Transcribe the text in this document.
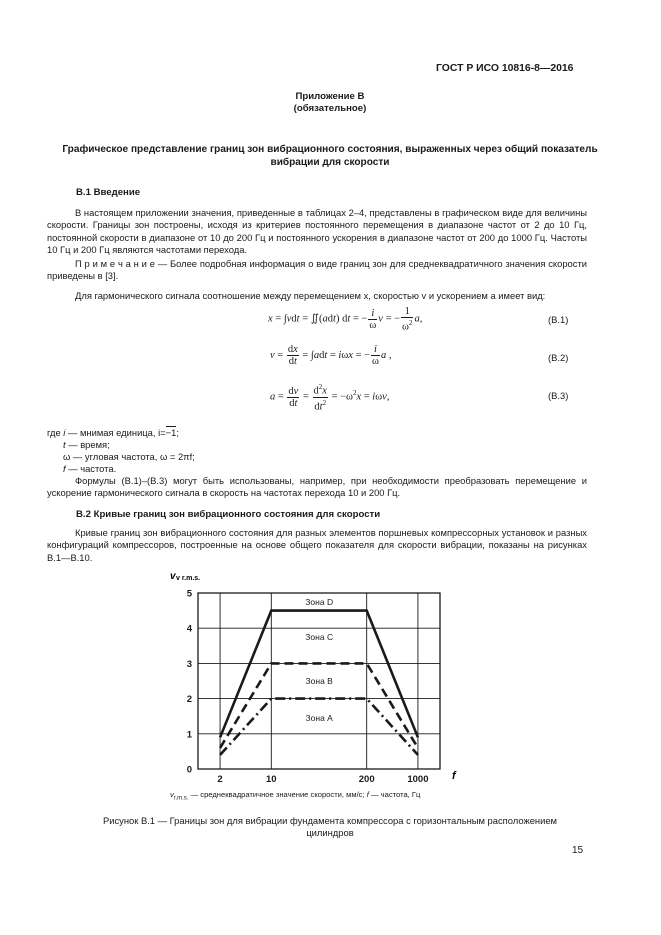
ГОСТ Р ИСО 10816-8—2016
Приложение В
(обязательное)
Графическое представление границ зон вибрационного состояния, выраженных через общий показатель вибрации для скорости
В.1 Введение
В настоящем приложении значения, приведенные в таблицах 2–4, представлены в графическом виде для величины скорости. Границы зон построены, исходя из критериев постоянного перемещения в диапазоне частот от 2 до 10 Гц, постоянной скорости в диапазоне от 10 до 200 Гц и постоянного ускорения в диапазоне частот от 200 до 1000 Гц. Частоты 10 Гц и 200 Гц являются частотами перехода.
П р и м е ч а н и е — Более подробная информация о виде границ зон для среднеквадратичного значения скорости приведены в [3].
Для гармонического сигнала соотношение между перемещением x, скоростью v и ускорением a имеет вид:
x = ∫vdt = ∬(adt) dt = − $\frac{i}{\omega}$ v = − $\frac{1}{\omega^2} a$,	(В.1)
$v = \frac{dx}{dt} = \int adt = i\omega x$ = − $\frac{i}{\omega}$ a ,	(В.2)
$a = \frac{dv}{dt} = \frac{d^2x}{dt^2} = -\omega^2x = i\omega v$,	(В.3)
где i — мнимая единица, i=−1;
t — время;
ω — угловая частота, ω = 2πf;
f — частота.
Формулы (В.1)–(В.3) могут быть использованы, например, при необходимости преобразовать перемещение и ускорение гармонического сигнала в скорость на частотах перехода 10 и 200 Гц.
В.2 Кривые границ зон вибрационного состояния для скорости
Кривые границ зон вибрационного состояния для разных элементов поршневых компрессорных установок и разных конфигураций компрессоров, построенные на основе общего показателя для скорости вибрации, показаны на рисунках В.1—В.10.
0
1
2
3
4
5
2	10	200	1000
Зона D
Зона C
Зона B
Зона A
v v r.m.s.
f
$v_{r.m.s.}$ — среднеквадратичное значение скорости, мм/с; f — частота, Гц
Рисунок В.1 — Границы зон для вибрации фундамента компрессора с горизонтальным расположением
цилиндров
15
